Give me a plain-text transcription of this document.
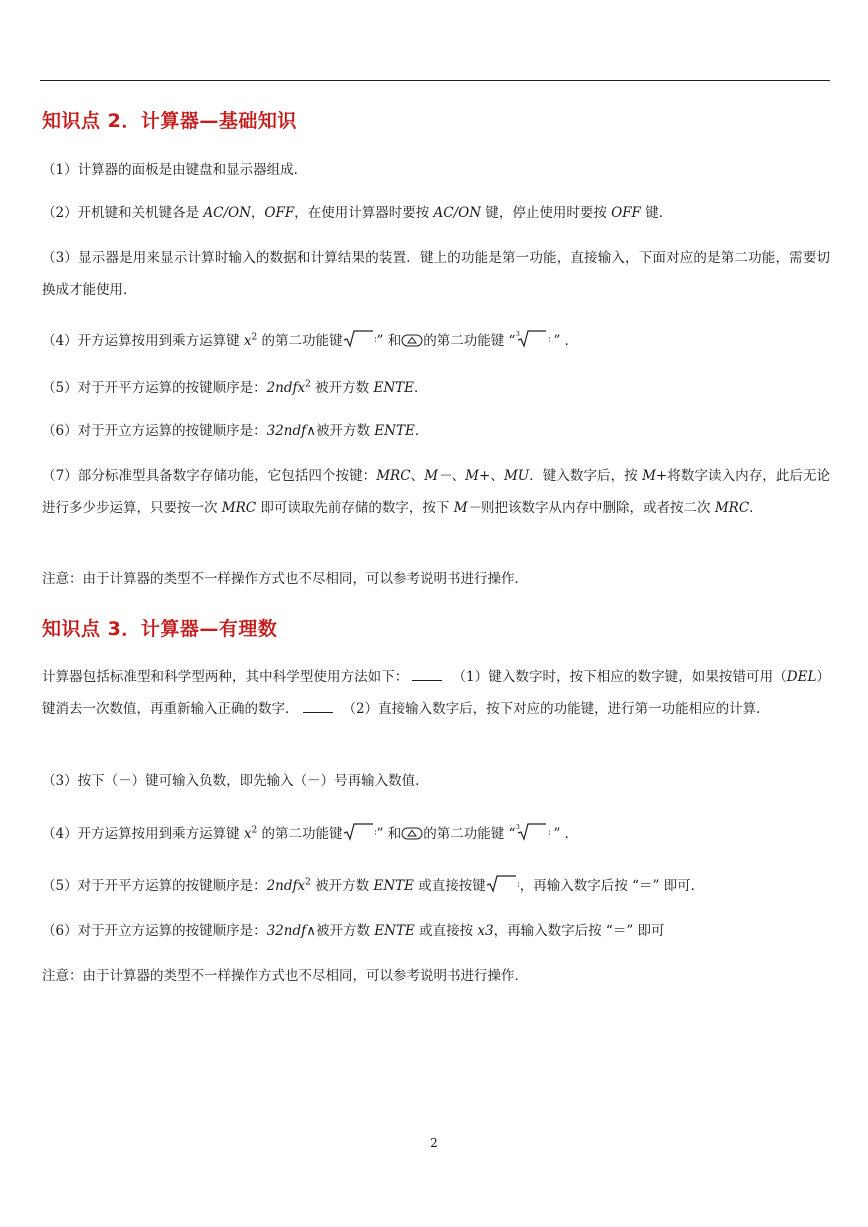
知识点 2．计算器—基础知识

（1）计算器的面板是由键盘和显示器组成．

（2）开机键和关机键各是 AC/ON，OFF，在使用计算器时要按 AC/ON 键，停止使用时要按 OFF 键．

（3）显示器是用来显示计算时输入的数据和计算结果的装置．键上的功能是第一功能，直接输入，下面对应的是第二功能，需要切换成才能使用．

（4）开方运算按用到乘方运算键 $x^2$ 的第二功能键	” 和 的第二功能键 “ 3 ” ．

（5）对于开平方运算的按键顺序是：2ndfx$^2$ 被开方数 ENTE．

（6）对于开立方运算的按键顺序是：32ndf∧被开方数 ENTE．

（7）部分标准型具备数字存储功能，它包括四个按键：MRC、M－、M+、MU．键入数字后，按 M+将数字读入内存，此后无论进行多少步运算，只要按一次 MRC 即可读取先前存储的数字，按下 M－则把该数字从内存中删除，或者按二次 MRC．

注意：由于计算器的类型不一样操作方式也不尽相同，可以参考说明书进行操作．

知识点 3．计算器—有理数

计算器包括标准型和科学型两种，其中科学型使用方法如下：	（1）键入数字时，按下相应的数字键，如果按错可用（DEL）键消去一次数值，再重新输入正确的数字．	（2）直接输入数字后，按下对应的功能键，进行第一功能相应的计算．

（3）按下（－）键可输入负数，即先输入（－）号再输入数值．

（4）开方运算按用到乘方运算键 $x^2$ 的第二功能键	” 和 的第二功能键 “ 3 ” ．

（5）对于开平方运算的按键顺序是：2ndfx$^2$ 被开方数 ENTE 或直接按键	，再输入数字后按 “＝” 即可．

（6）对于开立方运算的按键顺序是：32ndf∧被开方数 ENTE 或直接按 x3，再输入数字后按 “＝” 即可

注意：由于计算器的类型不一样操作方式也不尽相同，可以参考说明书进行操作．

2
